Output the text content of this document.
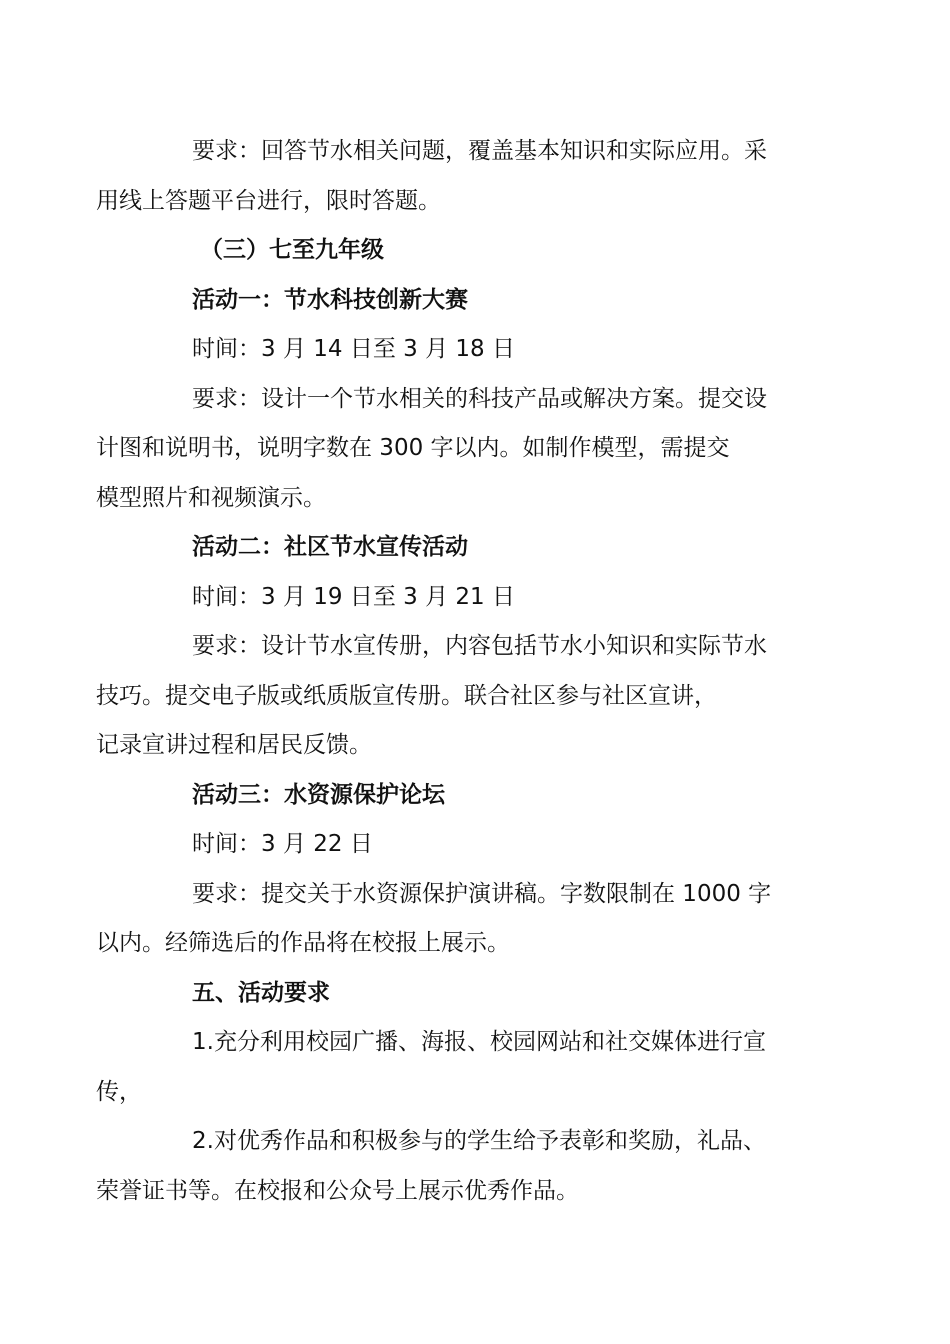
要求：回答节水相关问题，覆盖基本知识和实际应用。采
用线上答题平台进行，限时答题。
（三）七至九年级
活动一：节水科技创新大赛
时间：3 月 14 日至 3 月 18 日
要求：设计一个节水相关的科技产品或解决方案。提交设
计图和说明书，说明字数在 300 字以内。如制作模型，需提交
模型照片和视频演示。
活动二：社区节水宣传活动
时间：3 月 19 日至 3 月 21 日
要求：设计节水宣传册，内容包括节水小知识和实际节水
技巧。提交电子版或纸质版宣传册。联合社区参与社区宣讲，
记录宣讲过程和居民反馈。
活动三：水资源保护论坛
时间：3 月 22 日
要求：提交关于水资源保护演讲稿。字数限制在 1000 字
以内。经筛选后的作品将在校报上展示。
五、活动要求
1.充分利用校园广播、海报、校园网站和社交媒体进行宣
传，
2.对优秀作品和积极参与的学生给予表彰和奖励，礼品、
荣誉证书等。在校报和公众号上展示优秀作品。
